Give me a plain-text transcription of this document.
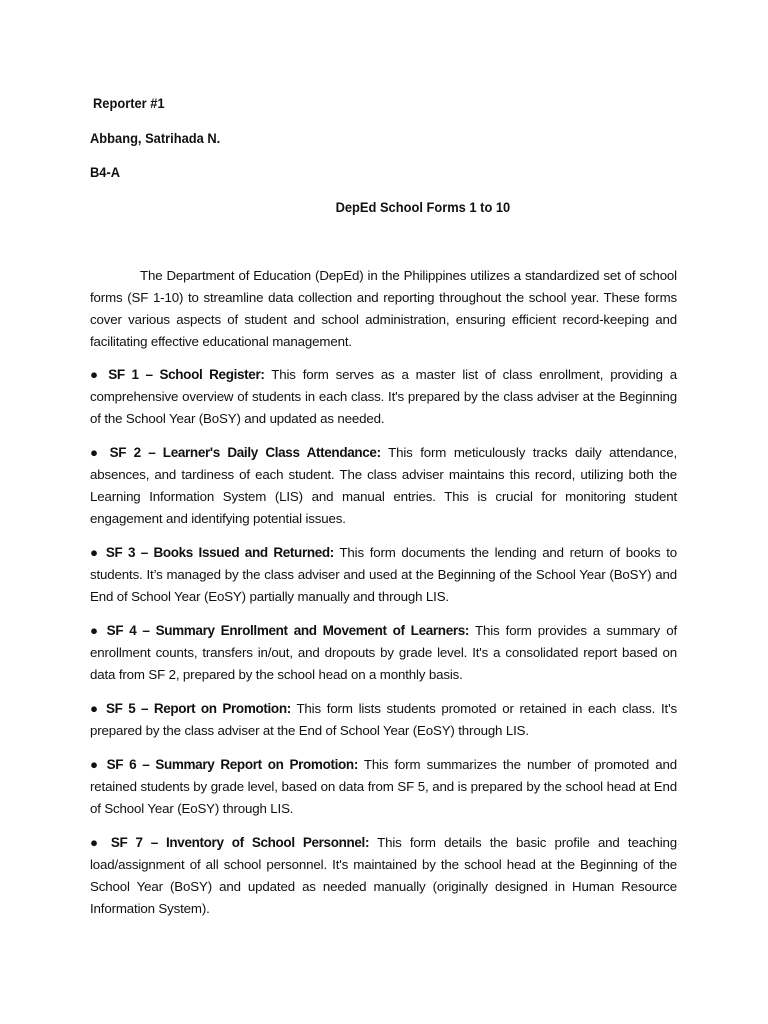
Reporter #1
Abbang, Satrihada N.
B4-A
DepEd School Forms 1 to 10

The Department of Education (DepEd) in the Philippines utilizes a standardized set of school forms (SF 1-10) to streamline data collection and reporting throughout the school year. These forms cover various aspects of student and school administration, ensuring efficient record-keeping and facilitating effective educational management.

● SF 1 – School Register: This form serves as a master list of class enrollment, providing a comprehensive overview of students in each class. It's prepared by the class adviser at the Beginning of the School Year (BoSY) and updated as needed.

● SF 2 – Learner's Daily Class Attendance: This form meticulously tracks daily attendance, absences, and tardiness of each student. The class adviser maintains this record, utilizing both the Learning Information System (LIS) and manual entries. This is crucial for monitoring student engagement and identifying potential issues.

● SF 3 – Books Issued and Returned: This form documents the lending and return of books to students. It’s managed by the class adviser and used at the Beginning of the School Year (BoSY) and End of School Year (EoSY) partially manually and through LIS.

● SF 4 – Summary Enrollment and Movement of Learners: This form provides a summary of enrollment counts, transfers in/out, and dropouts by grade level. It's a consolidated report based on data from SF 2, prepared by the school head on a monthly basis.

● SF 5 – Report on Promotion: This form lists students promoted or retained in each class. It's prepared by the class adviser at the End of School Year (EoSY) through LIS.

● SF 6 – Summary Report on Promotion: This form summarizes the number of promoted and retained students by grade level, based on data from SF 5, and is prepared by the school head at End of School Year (EoSY) through LIS.

● SF 7 – Inventory of School Personnel: This form details the basic profile and teaching load/assignment of all school personnel. It's maintained by the school head at the Beginning of the School Year (BoSY) and updated as needed manually (originally designed in Human Resource Information System).
